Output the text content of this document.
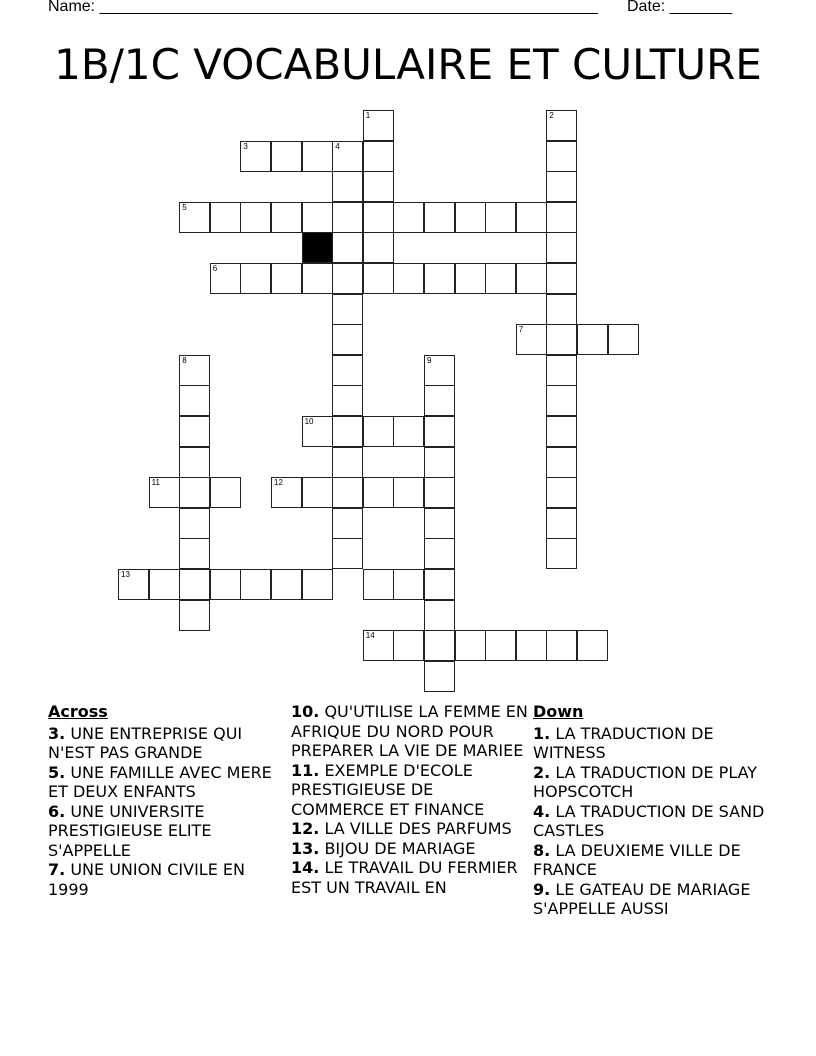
Name: ________________________________________________________ Date: _______
1B/1C VOCABULAIRE ET CULTURE
1	2
3	4
5
6
7
8	9
10
11	12
13
14
Across
3. UNE ENTREPRISE QUI N'EST PAS GRANDE
5. UNE FAMILLE AVEC MERE ET DEUX ENFANTS
6. UNE UNIVERSITE PRESTIGIEUSE ELITE S'APPELLE
7. UNE UNION CIVILE EN 1999
10. QU'UTILISE LA FEMME EN AFRIQUE DU NORD POUR PREPARER LA VIE DE MARIEE
11. EXEMPLE D'ECOLE PRESTIGIEUSE DE COMMERCE ET FINANCE
12. LA VILLE DES PARFUMS
13. BIJOU DE MARIAGE
14. LE TRAVAIL DU FERMIER EST UN TRAVAIL EN
Down
1. LA TRADUCTION DE WITNESS
2. LA TRADUCTION DE PLAY HOPSCOTCH
4. LA TRADUCTION DE SAND CASTLES
8. LA DEUXIEME VILLE DE FRANCE
9. LE GATEAU DE MARIAGE S'APPELLE AUSSI
